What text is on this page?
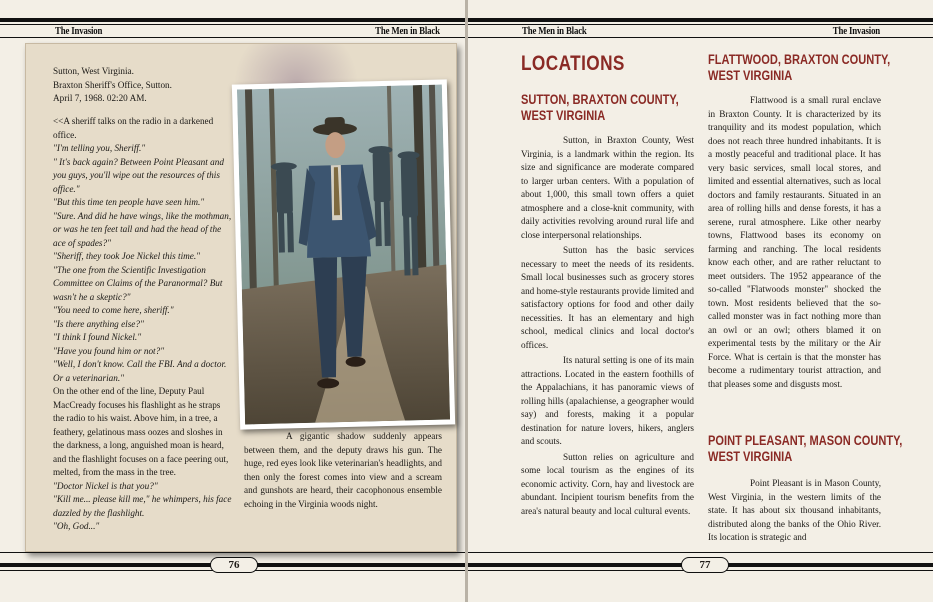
The Invasion	The Men in Black

Sutton, West Virginia.

Braxton Sheriff's Office, Sutton.

April 7, 1968. 02:20 AM.

<<A sheriff talks on the radio in a darkened office.

"I'm telling you, Sheriff."

" It's back again? Between Point Pleasant and you guys, you'll wipe out the resources of this office."

"But this time ten people have seen him."

"Sure. And did he have wings, like the mothman, or was he ten feet tall and had the head of the ace of spades?"

"Sheriff, they took Joe Nickel this time."

"The one from the Scientific Investigation Committee on Claims of the Paranormal? But wasn't he a skeptic?"

"You need to come here, sheriff."

"Is there anything else?"

"I think I found Nickel."

"Have you found him or not?"

"Well, I don't know. Call the FBI. And a doctor. Or a veterinarian."

On the other end of the line, Deputy Paul MacCready focuses his flashlight as he straps the radio to his waist. Above him, in a tree, a feathery, gelatinous mass oozes and sloshes in the darkness, a long, anguished moan is heard, and the flashlight focuses on a face peering out, melted, from the mass in the tree.

"Doctor Nickel is that you?"

"Kill me... please kill me," he whimpers, his face dazzled by the flashlight.

"Oh, God..."

A gigantic shadow suddenly appears between them, and the deputy draws his gun. The huge, red eyes look like veterinarian's headlights, and then only the forest comes into view and a scream and gunshots are heard, their cacophonous ensemble echoing in the Virginia woods night.

76
The Men in Black	The Invasion
LOCATIONS
SUTTON, BRAXTON COUNTY,
WEST VIRGINIA

Sutton, in Braxton County, West Virginia, is a landmark within the region. Its size and significance are moderate compared to larger urban centers. With a population of about 1,000, this small town offers a quiet atmosphere and a close-knit community, with daily activities revolving around rural life and close interpersonal relationships.

Sutton has the basic services necessary to meet the needs of its residents. Small local businesses such as grocery stores and home-style restaurants provide limited and satisfactory options for food and other daily necessities. It has an elementary and high school, medical clinics and local doctor's offices.

Its natural setting is one of its main attractions. Located in the eastern foothills of the Appalachians, it has panoramic views of rolling hills (apalachiense, a geographer would say) and forests, making it a popular destination for nature lovers, hikers, anglers and scouts.

Sutton relies on agriculture and some local tourism as the engines of its economic activity. Corn, hay and livestock are abundant. Incipient tourism benefits from the area's natural beauty and local cultural events.

FLATTWOOD, BRAXTON COUNTY,
WEST VIRGINIA

Flattwood is a small rural enclave in Braxton County. It is characterized by its tranquility and its modest population, which does not reach three hundred inhabitants. It is a mostly peaceful and traditional place. It has very basic services, small local stores, and limited and essential alternatives, such as local doctors and family restaurants. Situated in an area of rolling hills and dense forests, it has a serene, rural atmosphere. Like other nearby towns, Flattwood bases its economy on farming and ranching. The local residents know each other, and are rather reluctant to meet outsiders. The 1952 appearance of the so-called "Flatwoods monster" shocked the town. Most residents believed that the so-called monster was in fact nothing more than an owl or an owl; others blamed it on experimental tests by the military or the Air Force. What is certain is that the monster has become a rudimentary tourist attraction, and that pleases some and disgusts most.

POINT PLEASANT, MASON COUNTY,
WEST VIRGINIA

Point Pleasant is in Mason County, West Virginia, in the western limits of the state. It has about six thousand inhabitants, distributed along the banks of the Ohio River. Its location is strategic and

77
